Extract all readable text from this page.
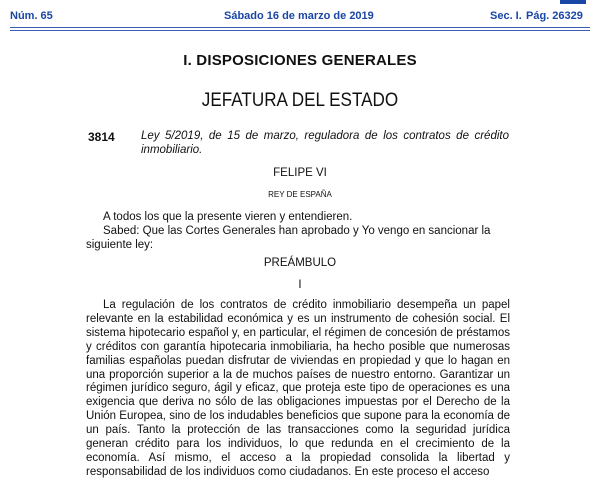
Núm. 65	Sábado 16 de marzo de 2019	Sec. I. Pág. 26329
I. DISPOSICIONES GENERALES
JEFATURA DEL ESTADO
3814 Ley 5/2019, de 15 de marzo, reguladora de los contratos de crédito inmobiliario.
FELIPE VI
REY DE ESPAÑA
A todos los que la presente vieren y entendieren.
Sabed: Que las Cortes Generales han aprobado y Yo vengo en sancionar la siguiente ley:
PREÁMBULO
I
La regulación de los contratos de crédito inmobiliario desempeña un papel relevante en la estabilidad económica y es un instrumento de cohesión social. El sistema hipotecario español y, en particular, el régimen de concesión de préstamos y créditos con garantía hipotecaria inmobiliaria, ha hecho posible que numerosas familias españolas puedan disfrutar de viviendas en propiedad y que lo hagan en una proporción superior a la de muchos países de nuestro entorno. Garantizar un régimen jurídico seguro, ágil y eficaz, que proteja este tipo de operaciones es una exigencia que deriva no sólo de las obligaciones impuestas por el Derecho de la Unión Europea, sino de los indudables beneficios que supone para la economía de un país. Tanto la protección de las transacciones como la seguridad jurídica generan crédito para los individuos, lo que redunda en el crecimiento de la economía. Así mismo, el acceso a la propiedad consolida la libertad y responsabilidad de los individuos como ciudadanos. En este proceso el acceso
